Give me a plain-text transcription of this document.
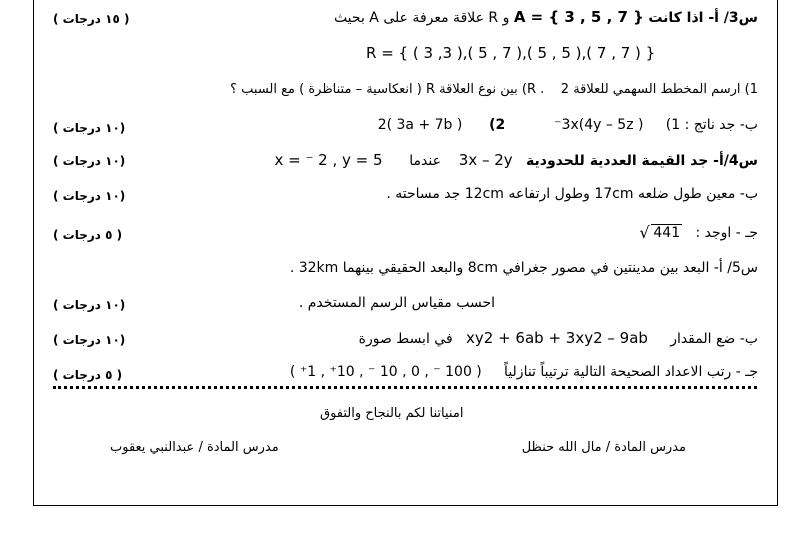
س3/ أ- اذا كانت A = { 3 , 5 , 7 } و R علاقة معرفة على A بحيث
( ١٥ درجات )
R = { ( 3 ,3 ),( 5 , 7 ),( 5 , 5 ),( 7 , 7 ) }
1) ارسم المخطط السهمي للعلاقة R .    2) بين نوع العلاقة R ( انعكاسية – متناظرة ) مع السبب ؟
ب- جد ناتج : 1)     ⁻3x(4y – 5z )           2)      2( 3a + 7b )
(١٠ درجات )
س4/أ- جد القيمة العددية للحدودية   3x – 2y    عندما      x = ⁻ 2 , y = 5
(١٠ درجات )
ب- معين طول ضلعه 17cm وطول ارتفاعه 12cm جد مساحته .
(١٠ درجات )
جـ - اوجد :   √ 441
( ٥ درجات )
س5/ أ- البعد بين مدينتين في مصور جغرافي 8cm والبعد الحقيقي بينهما 32km .
احسب مقياس الرسم المستخدم .
(١٠ درجات )
ب- ضع المقدار     xy2 + 6ab + 3xy2 – 9ab   في ابسط صورة
(١٠ درجات )
جـ - رتب الاعداد الصحيحة التالية ترتيباً تنازلياً     ( ⁺1 , ⁺10 , ⁻ 10 , 0 , ⁻ 100 )
( ٥ درجات )
امنياتنا لكم بالنجاح والتفوق
مدرس المادة / مال الله حنظل
مدرس المادة / عبدالنبي يعقوب
